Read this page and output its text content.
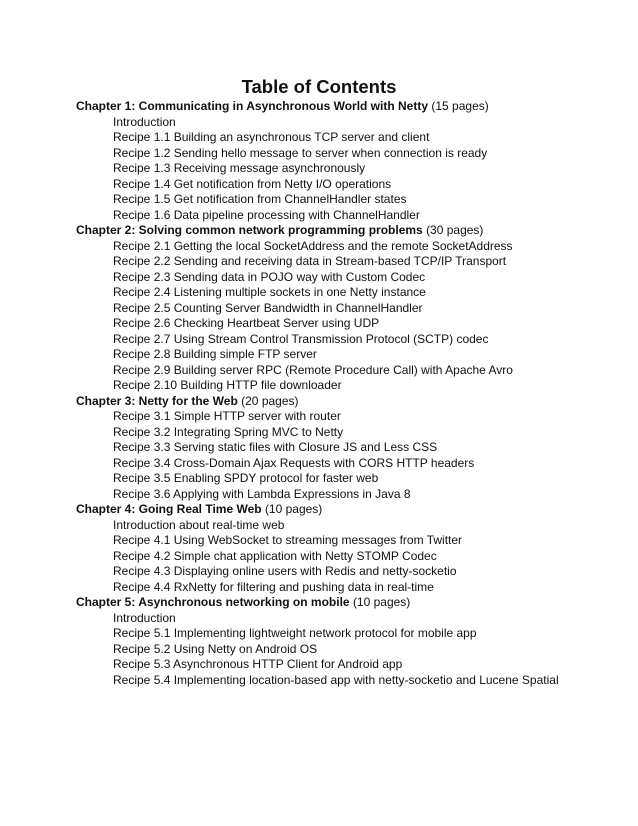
Table of Contents
Chapter 1: Communicating in Asynchronous World with Netty (15 pages)
Introduction
Recipe 1.1 Building an asynchronous TCP server and client
Recipe 1.2 Sending hello message to server when connection is ready
Recipe 1.3 Receiving message asynchronously
Recipe 1.4 Get notification from Netty I/O operations
Recipe 1.5 Get notification from ChannelHandler states
Recipe 1.6 Data pipeline processing with ChannelHandler
Chapter 2: Solving common network programming problems (30 pages)
Recipe 2.1 Getting the local SocketAddress and the remote SocketAddress
Recipe 2.2 Sending and receiving data in Stream-based TCP/IP Transport
Recipe 2.3 Sending data in POJO way with Custom Codec
Recipe 2.4 Listening multiple sockets in one Netty instance
Recipe 2.5 Counting Server Bandwidth in ChannelHandler
Recipe 2.6 Checking Heartbeat Server using UDP
Recipe 2.7 Using Stream Control Transmission Protocol (SCTP) codec
Recipe 2.8 Building simple FTP server
Recipe 2.9 Building server RPC (Remote Procedure Call) with Apache Avro
Recipe 2.10 Building HTTP file downloader
Chapter 3: Netty for the Web (20 pages)
Recipe 3.1 Simple HTTP server with router
Recipe 3.2 Integrating Spring MVC to Netty
Recipe 3.3 Serving static files with Closure JS and Less CSS
Recipe 3.4 Cross-Domain Ajax Requests with CORS HTTP headers
Recipe 3.5 Enabling SPDY protocol for faster web
Recipe 3.6 Applying with Lambda Expressions in Java 8
Chapter 4: Going Real Time Web (10 pages)
Introduction about real-time web
Recipe 4.1 Using WebSocket to streaming messages from Twitter
Recipe 4.2 Simple chat application with Netty STOMP Codec
Recipe 4.3 Displaying online users with Redis and netty-socketio
Recipe 4.4 RxNetty for filtering and pushing data in real-time
Chapter 5: Asynchronous networking on mobile (10 pages)
Introduction
Recipe 5.1 Implementing lightweight network protocol for mobile app
Recipe 5.2 Using Netty on Android OS
Recipe 5.3 Asynchronous HTTP Client for Android app
Recipe 5.4 Implementing location-based app with netty-socketio and Lucene Spatial
